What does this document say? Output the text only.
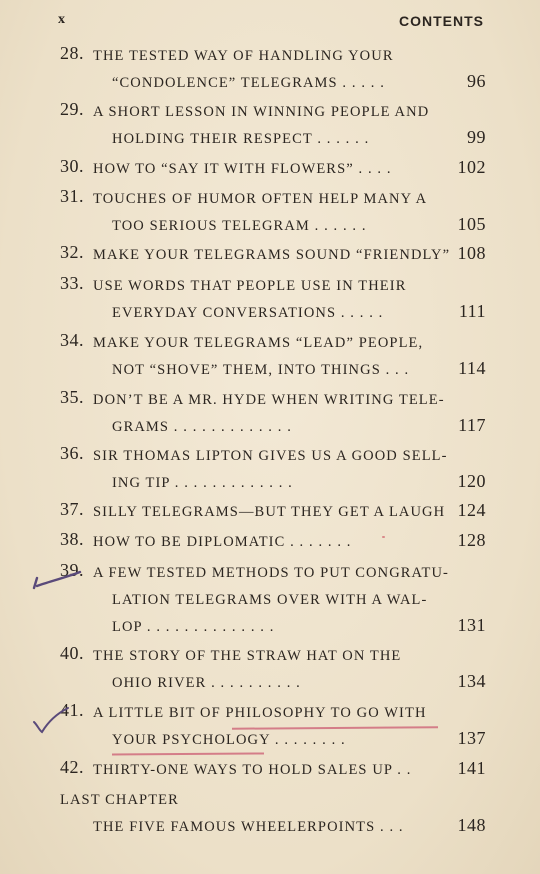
x	CONTENTS
28. THE TESTED WAY OF HANDLING YOUR
“CONDOLENCE” TELEGRAMS . . . . .	96
29. A SHORT LESSON IN WINNING PEOPLE AND
HOLDING THEIR RESPECT . . . . . .	99
30. HOW TO “SAY IT WITH FLOWERS” . . . .	102
31. TOUCHES OF HUMOR OFTEN HELP MANY A
TOO SERIOUS TELEGRAM . . . . . .	105
32. MAKE YOUR TELEGRAMS SOUND “FRIENDLY” 108
33. USE WORDS THAT PEOPLE USE IN THEIR
EVERYDAY CONVERSATIONS . . . . .	111
34. MAKE YOUR TELEGRAMS “LEAD” PEOPLE,
NOT “SHOVE” THEM, INTO THINGS . . .	114
35. DON’T BE A MR. HYDE WHEN WRITING TELE-
GRAMS . . . . . . . . . . . . .	117
36. SIR THOMAS LIPTON GIVES US A GOOD SELL-
ING TIP . . . . . . . . . . . . .	120
37. SILLY TELEGRAMS—BUT THEY GET A LAUGH 124
38. HOW TO BE DIPLOMATIC . . . . . . .	128
39. A FEW TESTED METHODS TO PUT CONGRATU-
LATION TELEGRAMS OVER WITH A WAL-
LOP . . . . . . . . . . . . . .	131
40. THE STORY OF THE STRAW HAT ON THE
OHIO RIVER . . . . . . . . . .	134
41. A LITTLE BIT OF PHILOSOPHY TO GO WITH
YOUR PSYCHOLOGY . . . . . . . .	137
42. THIRTY-ONE WAYS TO HOLD SALES UP . .	141
LAST CHAPTER
THE FIVE FAMOUS WHEELERPOINTS . . .	148
